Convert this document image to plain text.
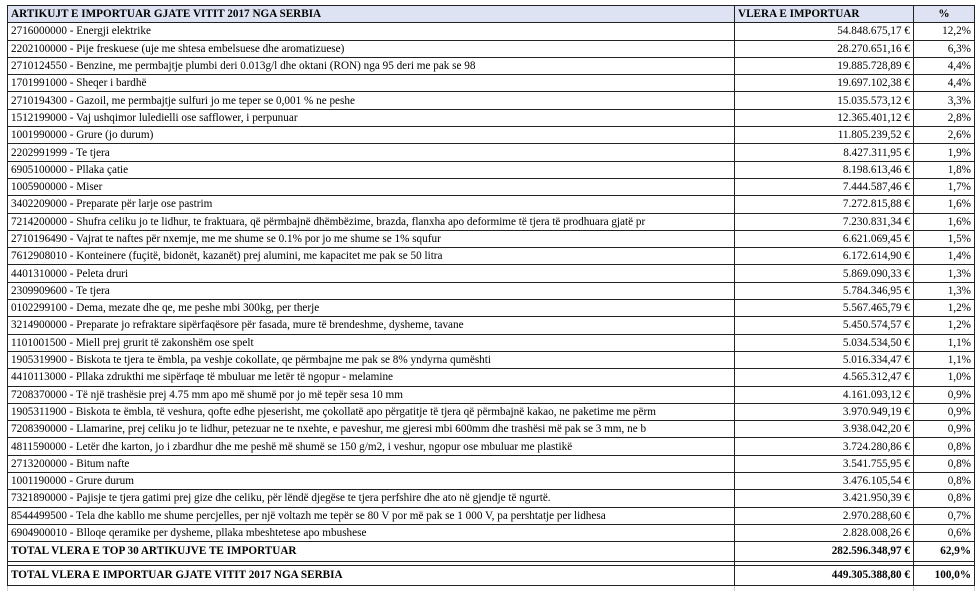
ARTIKUJT E IMPORTUAR GJATE VITIT 2017 NGA SERBIA	VLERA E IMPORTUAR	%
2716000000 - Energji elektrike	54.848.675,17 €	12,2%
2202100000 - Pije freskuese (uje me shtesa embelsuese dhe aromatizuese)	28.270.651,16 €	6,3%
2710124550 - Benzine, me permbajtje plumbi deri 0.013g/l dhe oktani (RON) nga 95 deri me pak se 98	19.885.728,89 €	4,4%
1701991000 - Sheqer i bardhë	19.697.102,38 €	4,4%
2710194300 - Gazoil, me permbajtje sulfuri jo me teper se 0,001 % ne peshe	15.035.573,12 €	3,3%
1512199000 - Vaj ushqimor luledielli ose safflower, i perpunuar	12.365.401,12 €	2,8%
1001990000 - Grure (jo durum)	11.805.239,52 €	2,6%
2202991999 - Te tjera	8.427.311,95 €	1,9%
6905100000 - Pllaka çatie	8.198.613,46 €	1,8%
1005900000 - Miser	7.444.587,46 €	1,7%
3402209000 - Preparate për larje ose pastrim	7.272.815,88 €	1,6%
7214200000 - Shufra celiku jo te lidhur, te fraktuara, që përmbajnë dhëmbëzime, brazda, flanxha apo deformime të tjera të prodhuara gjatë pr	7.230.831,34 €	1,6%
2710196490 - Vajrat te naftes për nxemje, me me shume se 0.1% por jo me shume se 1% squfur	6.621.069,45 €	1,5%
7612908010 - Konteinere (fuçitë, bidonët, kazanët) prej alumini, me kapacitet me pak se 50 litra	6.172.614,90 €	1,4%
4401310000 - Peleta druri	5.869.090,33 €	1,3%
2309909600 - Te tjera	5.784.346,95 €	1,3%
0102299100 - Dema, mezate dhe qe, me peshe mbi 300kg, per therje	5.567.465,79 €	1,2%
3214900000 - Preparate jo refraktare sipërfaqësore për fasada, mure të brendeshme, dysheme, tavane	5.450.574,57 €	1,2%
1101001500 - Miell prej grurit të zakonshëm ose spelt	5.034.534,50 €	1,1%
1905319900 - Biskota te tjera te ëmbla, pa veshje cokollate, qe përmbajne me pak se 8% yndyrna qumështi	5.016.334,47 €	1,1%
4410113000 - Pllaka zdrukthi me sipërfaqe të mbuluar me letër të ngopur - melamine	4.565.312,47 €	1,0%
7208370000 - Të një trashësie prej 4.75 mm apo më shumë por jo më tepër sesa 10 mm	4.161.093,12 €	0,9%
1905311900 - Biskota te ëmbla, të veshura, qofte edhe pjeserisht, me çokollatë apo përgatitje të tjera që përmbajnë kakao, ne paketime me përm	3.970.949,19 €	0,9%
7208390000 - Llamarine, prej celiku jo te lidhur, petezuar ne te nxehte, e paveshur, me gjeresi mbi 600mm dhe trashësi më pak se 3 mm, ne b	3.938.042,20 €	0,9%
4811590000 - Letër dhe karton, jo i zbardhur dhe me peshë më shumë se 150 g/m2, i veshur, ngopur ose mbuluar me plastikë	3.724.280,86 €	0,8%
2713200000 - Bitum nafte	3.541.755,95 €	0,8%
1001190000 - Grure durum	3.476.105,54 €	0,8%
7321890000 - Pajisje te tjera gatimi prej gize dhe celiku, për lëndë djegëse te tjera perfshire dhe ato në gjendje të ngurtë.	3.421.950,39 €	0,8%
8544499500 - Tela dhe kabllo me shume percjelles, per një voltazh me tepër se 80 V por më pak se 1 000 V, pa pershtatje per lidhesa	2.970.288,60 €	0,7%
6904900010 - Blloqe qeramike per dysheme, pllaka mbeshtetese apo mbushese	2.828.008,26 €	0,6%
TOTAL VLERA E TOP 30 ARTIKUJVE TE IMPORTUAR	282.596.348,97 €	62,9%

TOTAL VLERA E IMPORTUAR GJATE VITIT 2017 NGA SERBIA	449.305.388,80 €	100,0%
